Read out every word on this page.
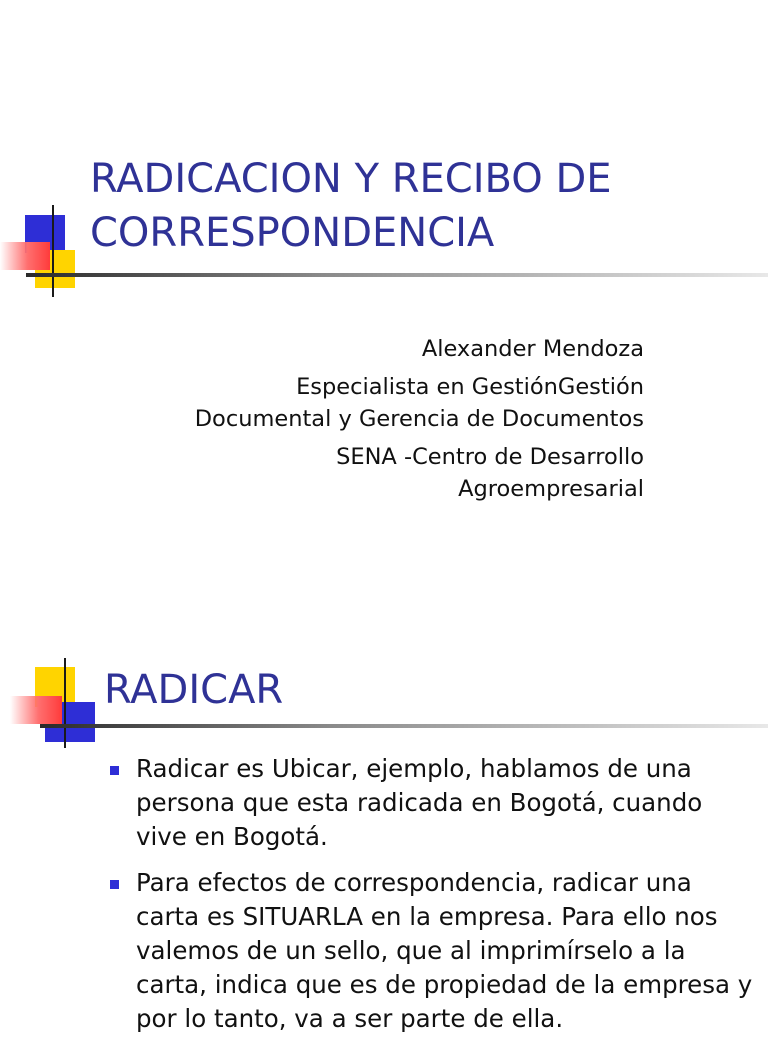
RADICACION Y RECIBO DE CORRESPONDENCIA

Alexander Mendoza

Especialista en GestiónGestión
Documental y Gerencia de Documentos

SENA -Centro de Desarrollo
Agroempresarial

RADICAR
Radicar es Ubicar, ejemplo, hablamos de una persona que esta radicada en Bogotá, cuando vive en Bogotá.
Para efectos de correspondencia, radicar una carta es SITUARLA en la empresa. Para ello nos valemos de un sello, que al imprimírselo a la carta, indica que es de propiedad de la empresa y por lo tanto, va a ser parte de ella.
